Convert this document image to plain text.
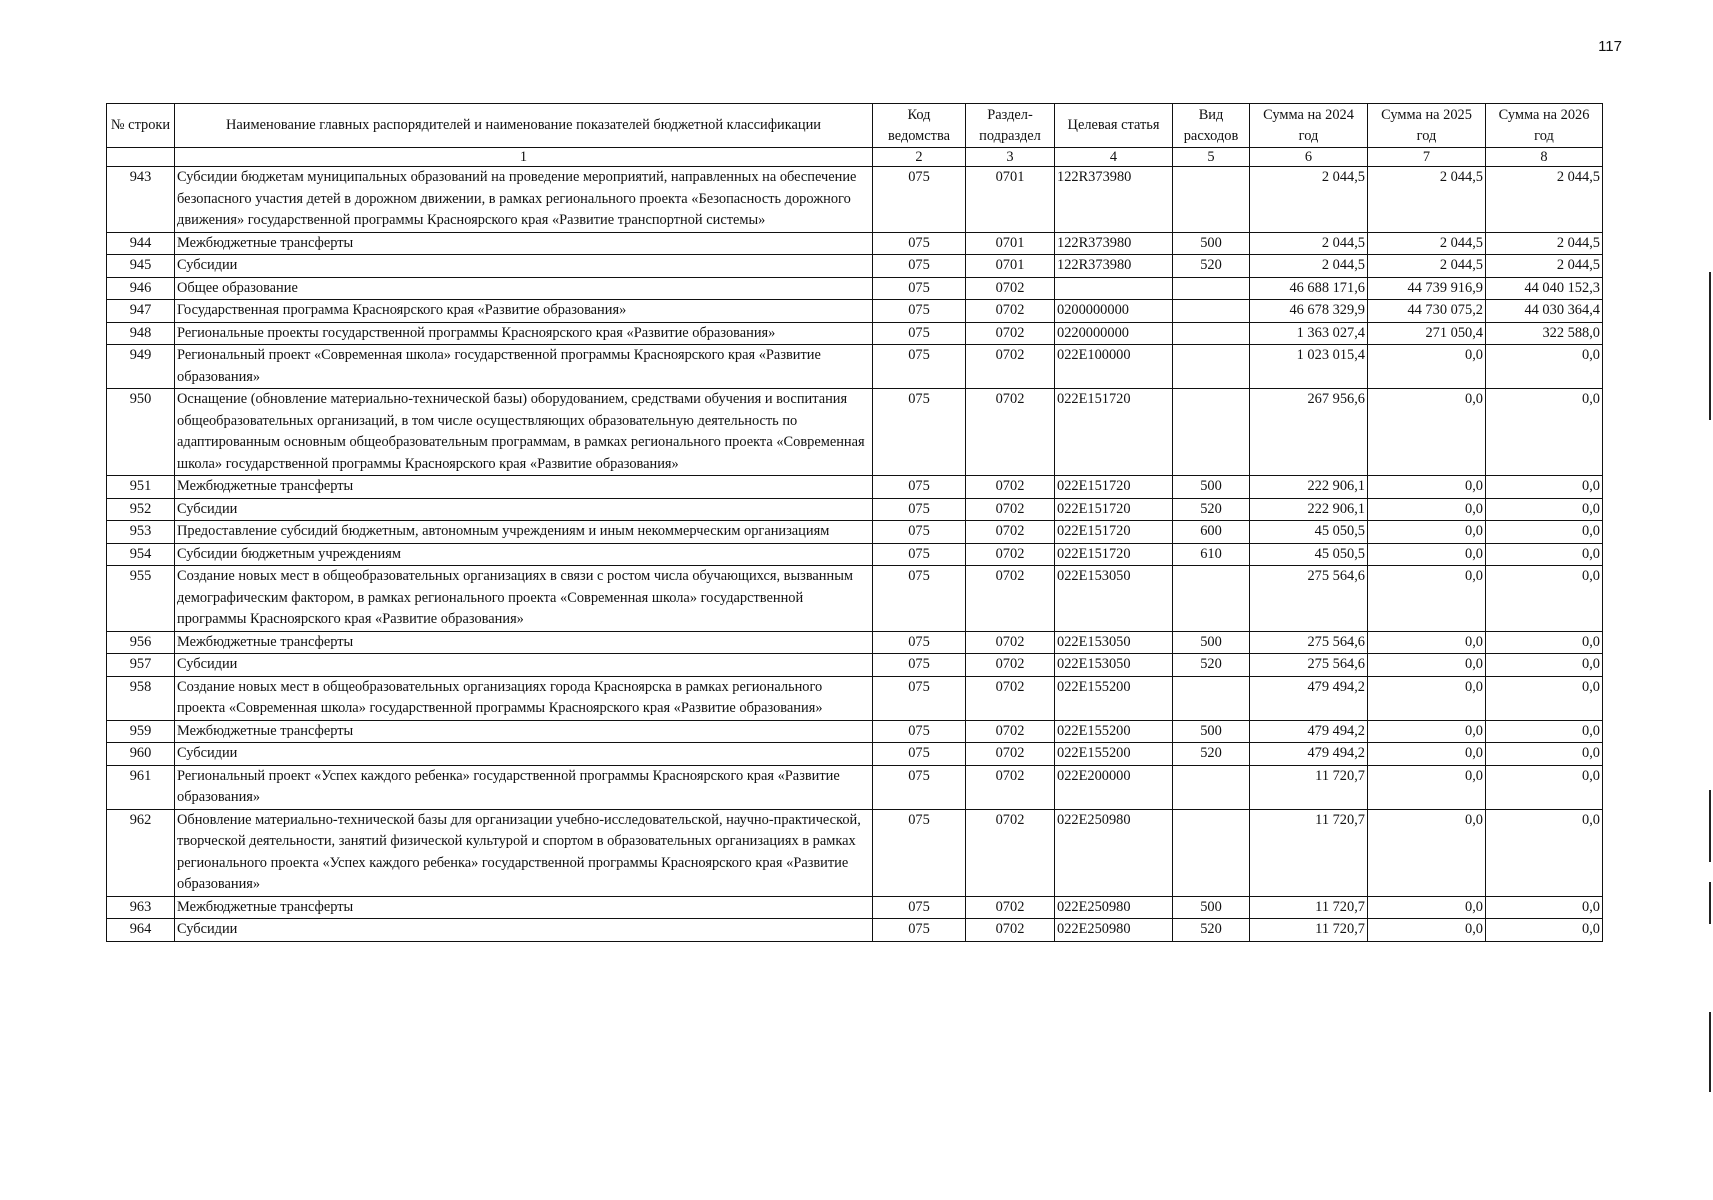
117
№ строки	Наименование главных распорядителей и наименование показателей бюджетной классификации	Код ведомства	Раздел-подраздел	Целевая статья	Вид расходов	Сумма на 2024 год	Сумма на 2025 год	Сумма на 2026 год
	1	2	3	4	5	6	7	8
943	Субсидии бюджетам муниципальных образований на проведение мероприятий, направленных на обеспечение безопасного участия детей в дорожном движении, в рамках регионального проекта «Безопасность дорожного движения» государственной программы Красноярского края «Развитие транспортной системы»	075	0701	122R373980		2 044,5	2 044,5	2 044,5
944	Межбюджетные трансферты	075	0701	122R373980	500	2 044,5	2 044,5	2 044,5
945	Субсидии	075	0701	122R373980	520	2 044,5	2 044,5	2 044,5
946	Общее образование	075	0702			46 688 171,6	44 739 916,9	44 040 152,3
947	Государственная программа Красноярского края «Развитие образования»	075	0702	0200000000		46 678 329,9	44 730 075,2	44 030 364,4
948	Региональные проекты государственной программы Красноярского края «Развитие образования»	075	0702	0220000000		1 363 027,4	271 050,4	322 588,0
949	Региональный проект «Современная школа» государственной программы Красноярского края «Развитие образования»	075	0702	022E100000		1 023 015,4	0,0	0,0
950	Оснащение (обновление материально-технической базы) оборудованием, средствами обучения и воспитания общеобразовательных организаций, в том числе осуществляющих образовательную деятельность по адаптированным основным общеобразовательным программам, в рамках регионального проекта «Современная школа» государственной программы Красноярского края «Развитие образования»	075	0702	022E151720		267 956,6	0,0	0,0
951	Межбюджетные трансферты	075	0702	022E151720	500	222 906,1	0,0	0,0
952	Субсидии	075	0702	022E151720	520	222 906,1	0,0	0,0
953	Предоставление субсидий бюджетным, автономным учреждениям и иным некоммерческим организациям	075	0702	022E151720	600	45 050,5	0,0	0,0
954	Субсидии бюджетным учреждениям	075	0702	022E151720	610	45 050,5	0,0	0,0
955	Создание новых мест в общеобразовательных организациях в связи с ростом числа обучающихся, вызванным демографическим фактором, в рамках регионального проекта «Современная школа» государственной программы Красноярского края «Развитие образования»	075	0702	022E153050		275 564,6	0,0	0,0
956	Межбюджетные трансферты	075	0702	022E153050	500	275 564,6	0,0	0,0
957	Субсидии	075	0702	022E153050	520	275 564,6	0,0	0,0
958	Создание новых мест в общеобразовательных организациях города Красноярска в рамках регионального проекта «Современная школа» государственной программы Красноярского края «Развитие образования»	075	0702	022E155200		479 494,2	0,0	0,0
959	Межбюджетные трансферты	075	0702	022E155200	500	479 494,2	0,0	0,0
960	Субсидии	075	0702	022E155200	520	479 494,2	0,0	0,0
961	Региональный проект «Успех каждого ребенка» государственной программы Красноярского края «Развитие образования»	075	0702	022E200000		11 720,7	0,0	0,0
962	Обновление материально-технической базы для организации учебно-исследовательской, научно-практической, творческой деятельности, занятий физической культурой и спортом в образовательных организациях в рамках регионального проекта «Успех каждого ребенка» государственной программы Красноярского края «Развитие образования»	075	0702	022E250980		11 720,7	0,0	0,0
963	Межбюджетные трансферты	075	0702	022E250980	500	11 720,7	0,0	0,0
964	Субсидии	075	0702	022E250980	520	11 720,7	0,0	0,0
